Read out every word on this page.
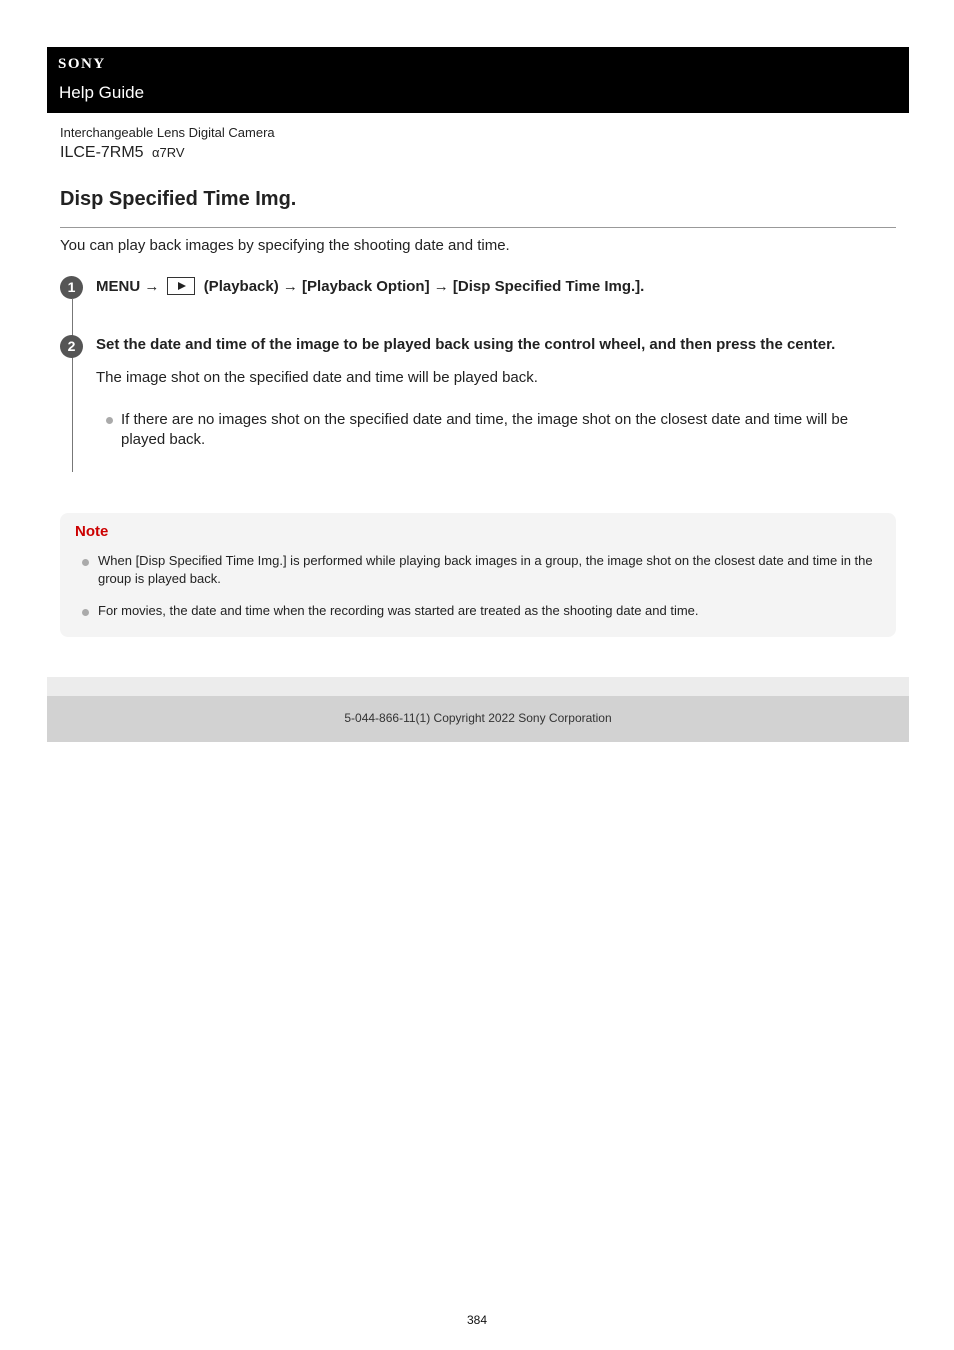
SONY
Help Guide
Interchangeable Lens Digital Camera
ILCE-7RM5 α7RV
Disp Specified Time Img.

You can play back images by specifying the shooting date and time.

1	MENU →	(Playback) → [Playback Option] → [Disp Specified Time Img.].
2	Set the date and time of the image to be played back using the control wheel, and then press the center.

The image shot on the specified date and time will be played back.

If there are no images shot on the specified date and time, the image shot on the closest date and time will be played back.

Note

When [Disp Specified Time Img.] is performed while playing back images in a group, the image shot on the closest date and time in the group is played back.

For movies, the date and time when the recording was started are treated as the shooting date and time.

5-044-866-11(1) Copyright 2022 Sony Corporation
384
